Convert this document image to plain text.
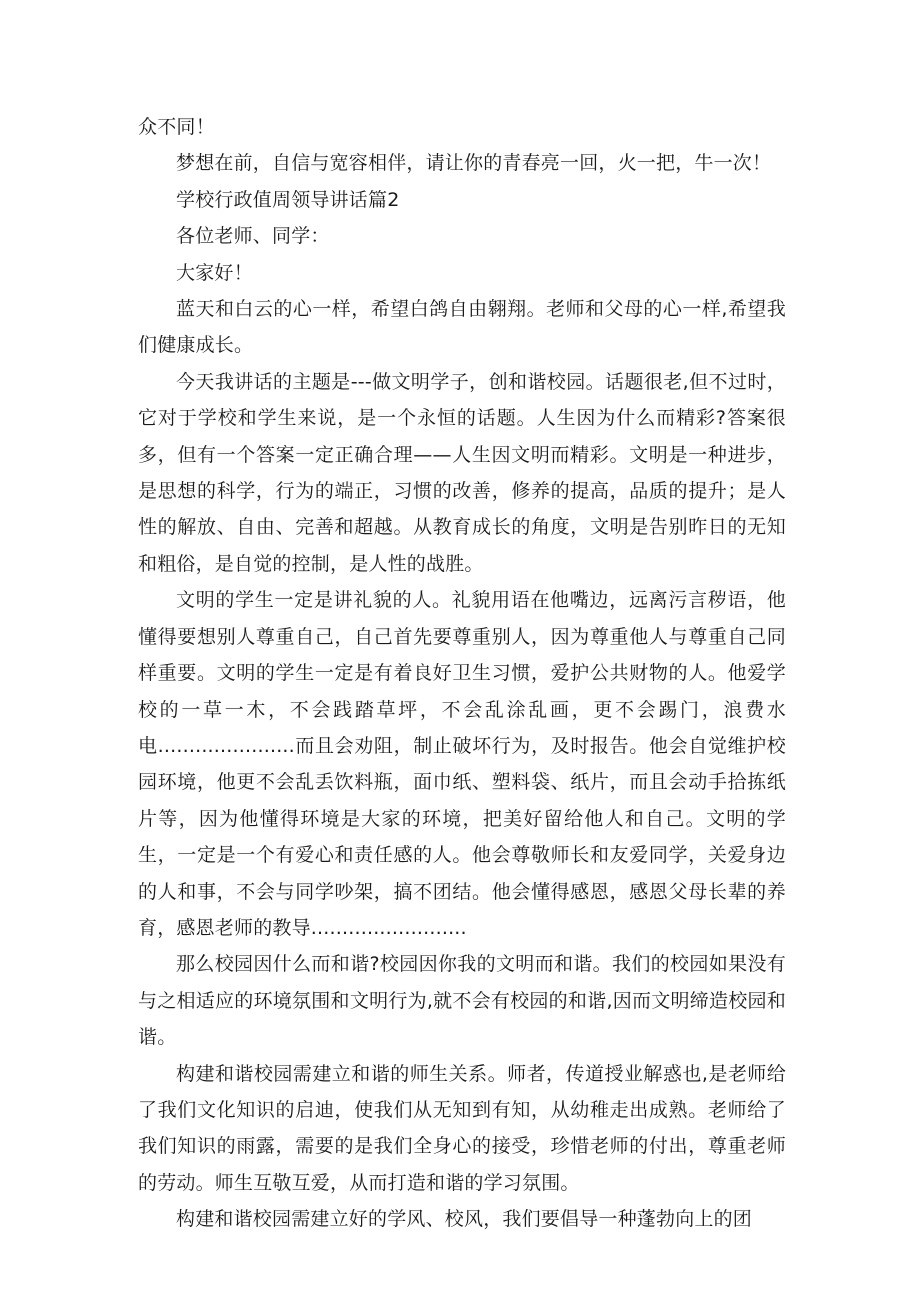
众不同！

梦想在前，自信与宽容相伴，请让你的青春亮一回，火一把，牛一次！

学校行政值周领导讲话篇2

各位老师、同学：

大家好！

蓝天和白云的心一样，希望白鸽自由翱翔。老师和父母的心一样,希望我们健康成长。

今天我讲话的主题是---做文明学子，创和谐校园。话题很老,但不过时，它对于学校和学生来说，是一个永恒的话题。人生因为什么而精彩?答案很多，但有一个答案一定正确合理——人生因文明而精彩。文明是一种进步，是思想的科学，行为的端正，习惯的改善，修养的提高，品质的提升；是人性的解放、自由、完善和超越。从教育成长的角度，文明是告别昨日的无知和粗俗，是自觉的控制，是人性的战胜。

文明的学生一定是讲礼貌的人。礼貌用语在他嘴边，远离污言秽语，他懂得要想别人尊重自己，自己首先要尊重别人，因为尊重他人与尊重自己同样重要。文明的学生一定是有着良好卫生习惯，爱护公共财物的人。他爱学校的一草一木，不会践踏草坪，不会乱涂乱画，更不会踢门，浪费水电......................而且会劝阻，制止破坏行为，及时报告。他会自觉维护校园环境，他更不会乱丢饮料瓶，面巾纸、塑料袋、纸片，而且会动手拾拣纸片等，因为他懂得环境是大家的环境，把美好留给他人和自己。文明的学生，一定是一个有爱心和责任感的人。他会尊敬师长和友爱同学，关爱身边的人和事，不会与同学吵架，搞不团结。他会懂得感恩，感恩父母长辈的养育，感恩老师的教导.........................

那么校园因什么而和谐?校园因你我的文明而和谐。我们的校园如果没有与之相适应的环境氛围和文明行为,就不会有校园的和谐,因而文明缔造校园和谐。

构建和谐校园需建立和谐的师生关系。师者，传道授业解惑也,是老师给了我们文化知识的启迪，使我们从无知到有知，从幼稚走出成熟。老师给了我们知识的雨露，需要的是我们全身心的接受，珍惜老师的付出，尊重老师的劳动。师生互敬互爱，从而打造和谐的学习氛围。

构建和谐校园需建立好的学风、校风，我们要倡导一种蓬勃向上的团
